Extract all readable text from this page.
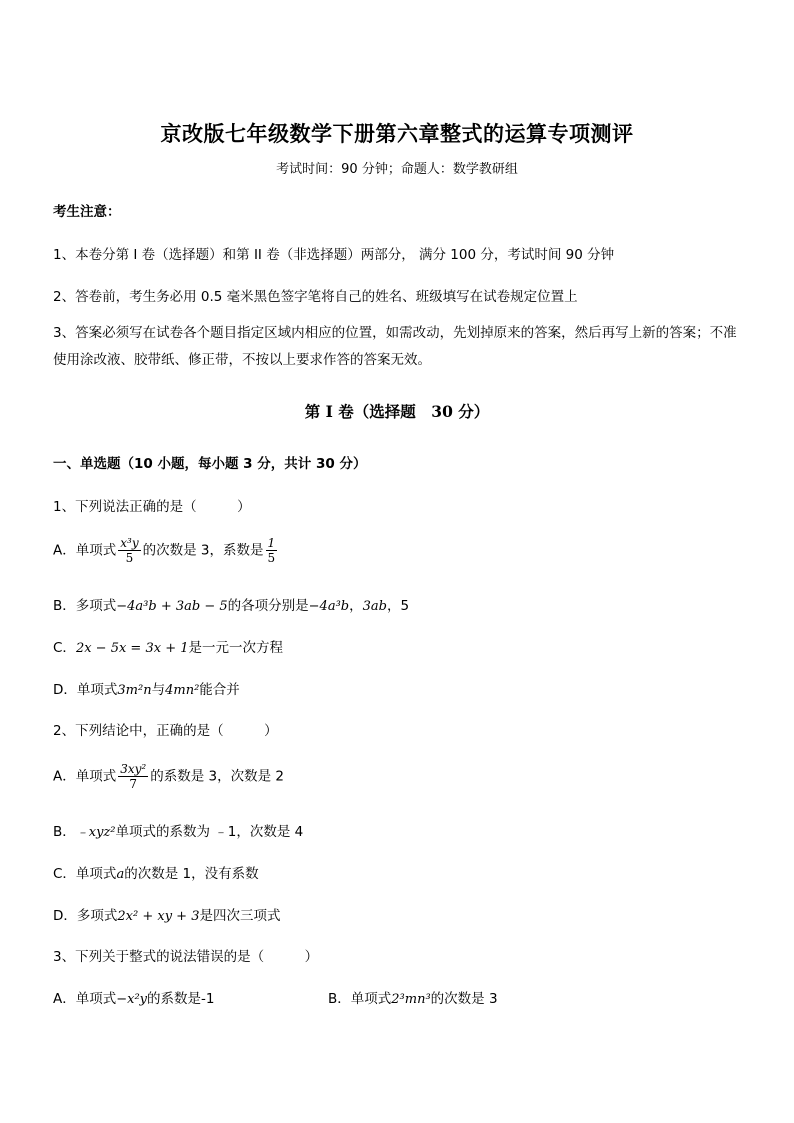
京改版七年级数学下册第六章整式的运算专项测评
考试时间：90 分钟；命题人：数学教研组
考生注意：
1、本卷分第 I 卷（选择题）和第 II 卷（非选择题）两部分， 满分 100 分，考试时间 90 分钟
2、答卷前，考生务必用 0.5 毫米黑色签字笔将自己的姓名、班级填写在试卷规定位置上
3、答案必须写在试卷各个题目指定区域内相应的位置，如需改动，先划掉原来的答案，然后再写上新的答案；不准使用涂改液、胶带纸、修正带，不按以上要求作答的答案无效。
第 I 卷（选择题　30 分）
一、单选题（10 小题，每小题 3 分，共计 30 分）
1、下列说法正确的是（　　　）
A．单项式 $\frac{\text{x³y}}{5}$ 的次数是 3，系数是 $\frac{1}{5}$
B．多项式−4a³b + 3ab − 5的各项分别是−4a³b，3ab，5
C．2x − 5x = 3x + 1是一元一次方程
D．单项式3m²n与4mn²能合并
2、下列结论中，正确的是（　　　）
A．单项式 $\frac{\text{3xy²}}{7}$ 的系数是 3，次数是 2
B．﹣xyz²单项式的系数为 ﹣1，次数是 4
C．单项式a的次数是 1，没有系数
D．多项式2x² + xy + 3是四次三项式
3、下列关于整式的说法错误的是（　　　）
A．单项式−x²y的系数是-1	B．单项式2³mn³的次数是 3
